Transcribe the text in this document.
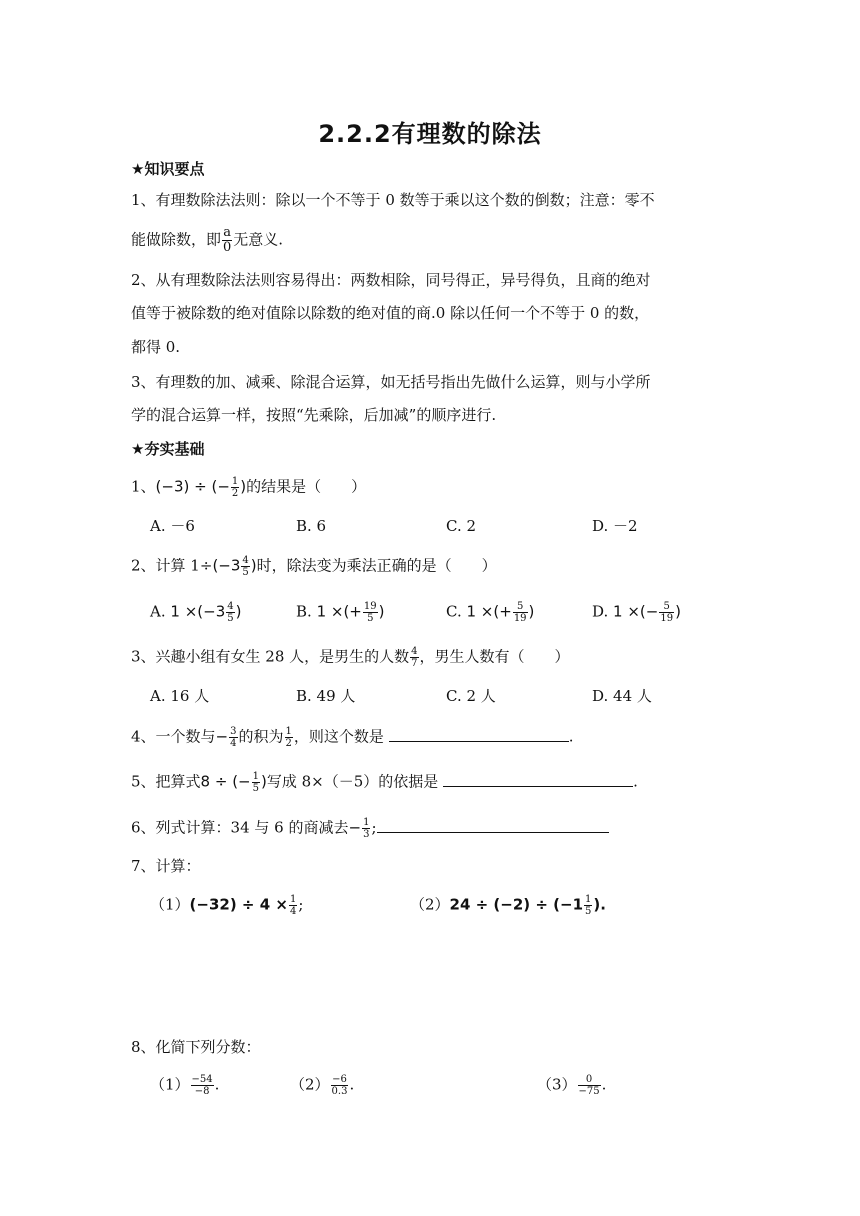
2.2.2有理数的除法
★知识要点
1、有理数除法法则：除以一个不等于 0 数等于乘以这个数的倒数；注意：零不
能做除数，即 $\frac{a}{0}$ 无意义.
2、从有理数除法法则容易得出：两数相除，同号得正，异号得负，且商的绝对
值等于被除数的绝对值除以除数的绝对值的商.0 除以任何一个不等于 0 的数，
都得 0.
3、有理数的加、减乘、除混合运算，如无括号指出先做什么运算，则与小学所
学的混合运算一样，按照“先乘除，后加减”的顺序进行.
★夯实基础
1、(−3) ÷ (− $\frac{1}{2}$ )的结果是（　　）
A. －6	B. 6	C. 2	D. －2
2、计算 $1\div(-3 \frac{4}{5}$ )时，除法变为乘法正确的是（　　）
A. $1 \times(-3 \frac{4}{5}$ )	B. 1 ×(+ $\frac{19}{5}$ )	C. 1 ×(+ $\frac{5}{19}$ )	D. 1 ×(− $\frac{5}{19}$ )
3、兴趣小组有女生 28 人，是男生的人数 $\frac{4}{7}$ ，男生人数有（　　）
A. 16 人	B. 49 人	C. 2 人	D. 44 人
4、一个数与− $\frac{3}{4}$ 的积为 $\frac{1}{2}$ ，则这个数是	.
5、把算式8 ÷ (− $\frac{1}{5}$ )写成 8×（－5）的依据是	.
6、列式计算：34 与 6 的商减去− $\frac{1}{3}$ ;
7、计算：
$(1)(-32) \div 4 \times \frac{1}{4}$ ;	$(2)24 \div (-2) \div (-1 \frac{1}{5}$ ).
8、化简下列分数：
$(1) \frac{-54}{-8}$ .	$(2) \frac{-6}{0.3}$ .	$(3) \frac{0}{-75}$ .
